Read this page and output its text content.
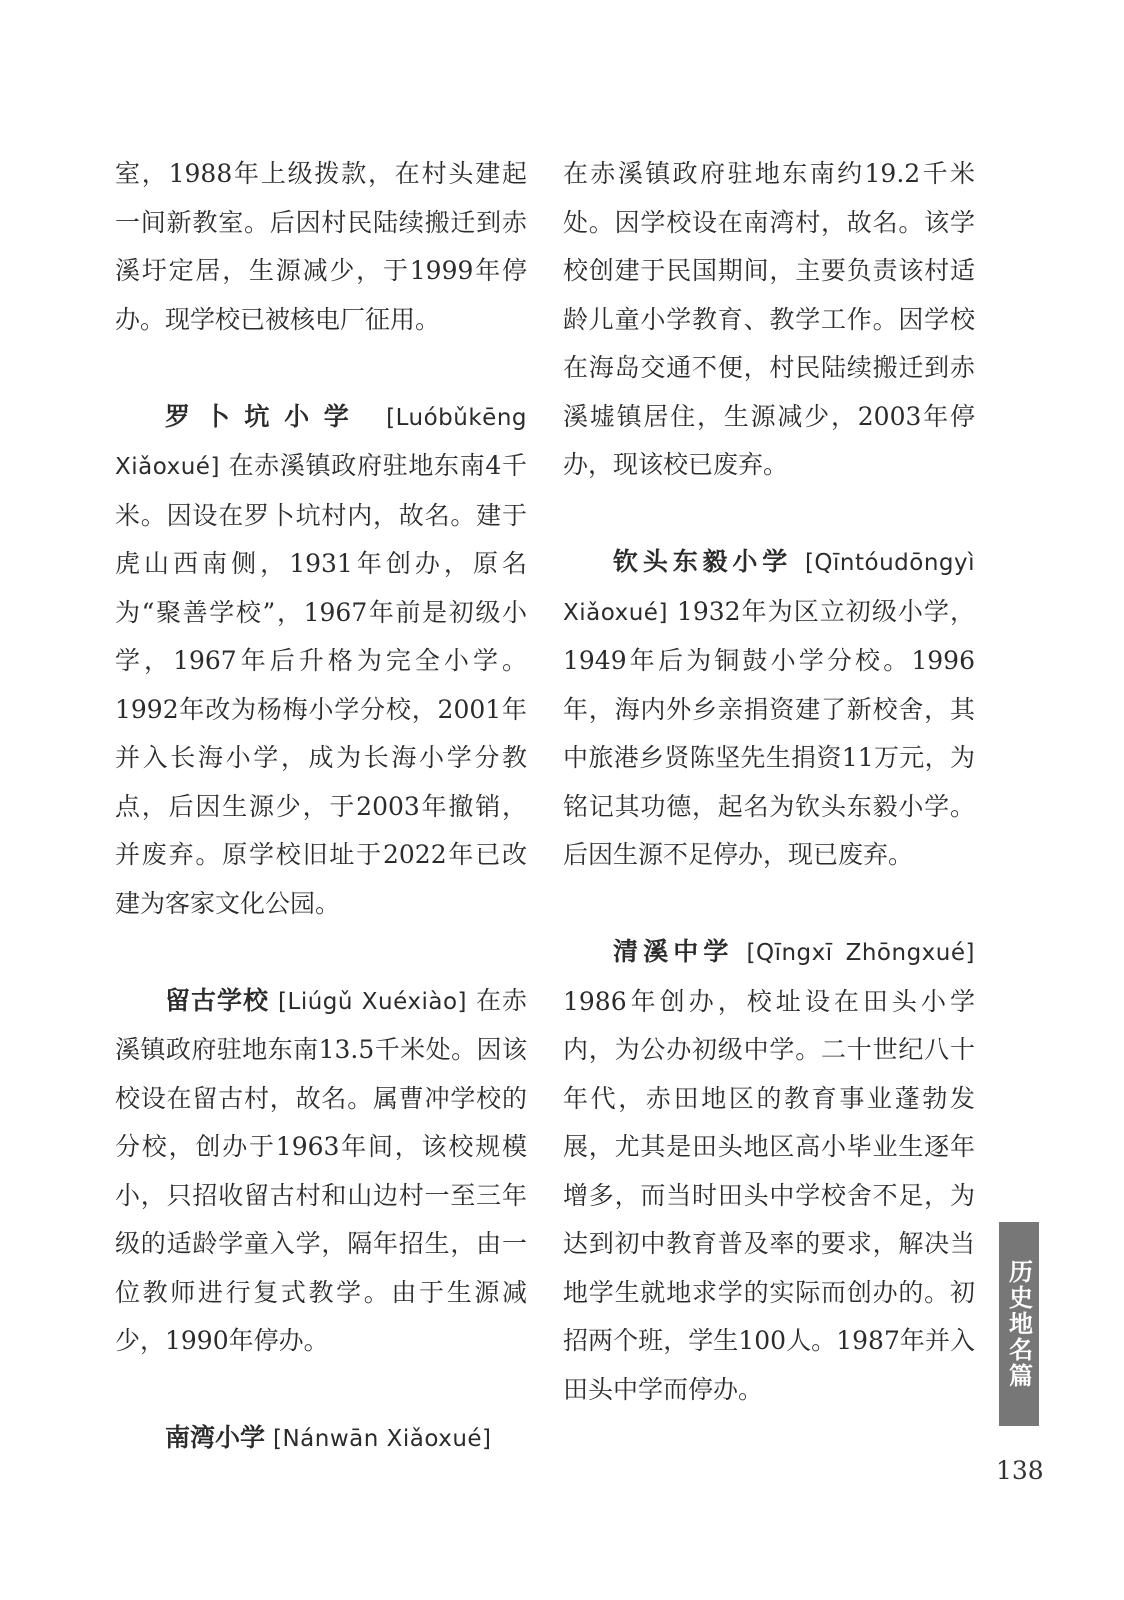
室，1988年上级拨款，在村头建起一间新教室。后因村民陆续搬迁到赤溪圩定居，生源减少，于1999年停办。现学校已被核电厂征用。

罗卜坑小学 [Luóbǔkēng Xiǎoxué] 在赤溪镇政府驻地东南4千米。因设在罗卜坑村内，故名。建于虎山西南侧，1931年创办，原名为“聚善学校”，1967年前是初级小学，1967年后升格为完全小学。1992年改为杨梅小学分校，2001年并入长海小学，成为长海小学分教点，后因生源少，于2003年撤销，并废弃。原学校旧址于2022年已改建为客家文化公园。

留古学校 [Liúgǔ Xuéxiào] 在赤溪镇政府驻地东南13.5千米处。因该校设在留古村，故名。属曹冲学校的分校，创办于1963年间，该校规模小，只招收留古村和山边村一至三年级的适龄学童入学，隔年招生，由一位教师进行复式教学。由于生源减少，1990年停办。

南湾小学 [Nánwān Xiǎoxué]

在赤溪镇政府驻地东南约19.2千米处。因学校设在南湾村，故名。该学校创建于民国期间，主要负责该村适龄儿童小学教育、教学工作。因学校在海岛交通不便，村民陆续搬迁到赤溪墟镇居住，生源减少，2003年停办，现该校已废弃。

钦头东毅小学 [Qīntóudōngyì Xiǎoxué] 1932年为区立初级小学，1949年后为铜鼓小学分校。1996年，海内外乡亲捐资建了新校舍，其中旅港乡贤陈坚先生捐资11万元，为铭记其功德，起名为钦头东毅小学。后因生源不足停办，现已废弃。

清溪中学 [Qīngxī Zhōngxué] 1986年创办，校址设在田头小学内，为公办初级中学。二十世纪八十年代，赤田地区的教育事业蓬勃发展，尤其是田头地区高小毕业生逐年增多，而当时田头中学校舍不足，为达到初中教育普及率的要求，解决当地学生就地求学的实际而创办的。初招两个班，学生100人。1987年并入田头中学而停办。	历史地名篇
138
